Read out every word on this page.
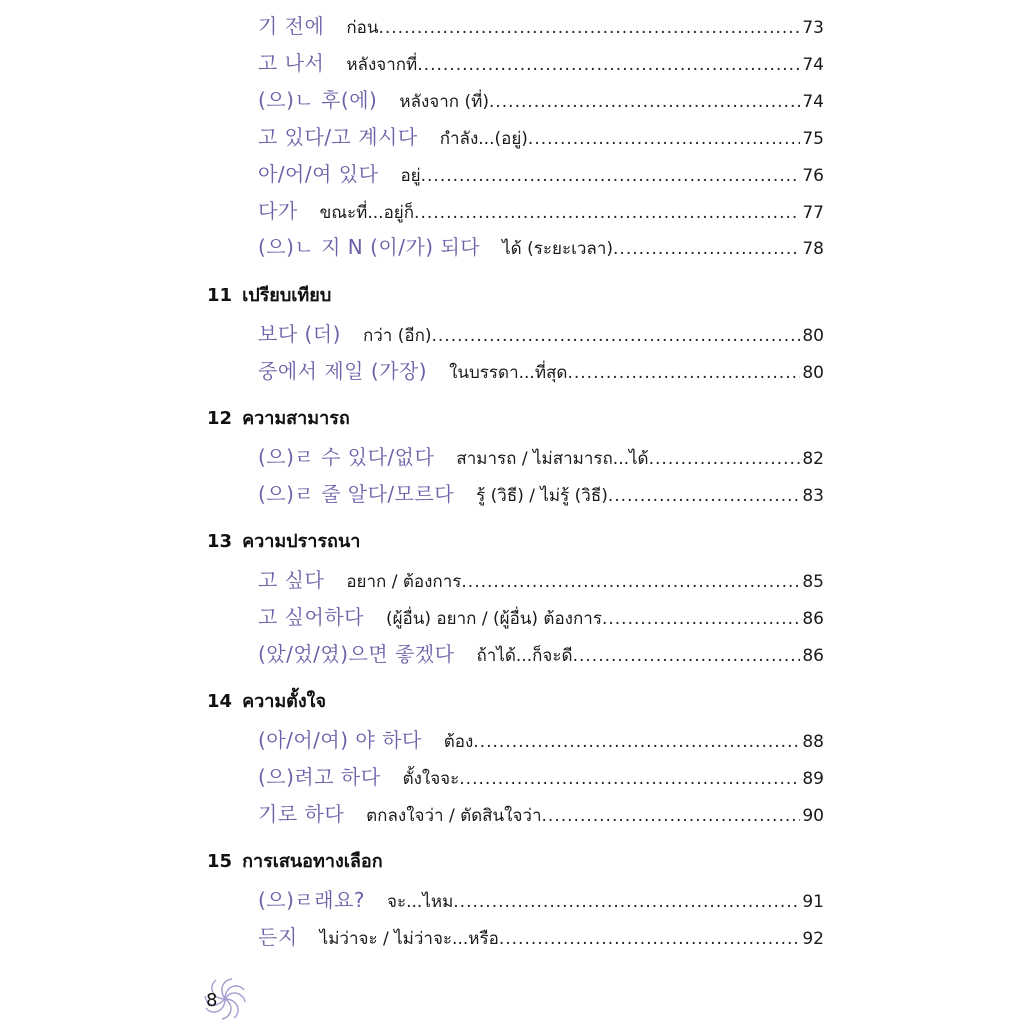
기 전에 ก่อน .....	73
고 나서 หลังจากที่ .....	74
(으)ㄴ 후(에) หลังจาก (ที่) .....	74
고 있다/고 계시다 กำลัง...(อยู่) .....	75
아/어/여 있다 อยู่ .....	76
다가 ขณะที่...อยู่ก็ .....	77
(으)ㄴ 지 N (이/가) 되다 ได้ (ระยะเวลา) .....	78
11 เปรียบเทียบ
보다 (더) กว่า (อีก) .....	80
중에서 제일 (가장) ในบรรดา...ที่สุด .....	80
12 ความสามารถ
(으)ㄹ 수 있다/없다 สามารถ / ไม่สามารถ...ได้ .....	82
(으)ㄹ 줄 알다/모르다 รู้ (วิธี) / ไม่รู้ (วิธี) .....	83
13 ความปรารถนา
고 싶다 อยาก / ต้องการ .....	85
고 싶어하다 (ผู้อื่น) อยาก / (ผู้อื่น) ต้องการ .....	86
(았/었/였)으면 좋겠다 ถ้าได้...ก็จะดี .....	86
14 ความตั้งใจ
(아/어/여) 야 하다 ต้อง .....	88
(으)려고 하다 ตั้งใจจะ .....	89
기로 하다 ตกลงใจว่า / ตัดสินใจว่า .....	90
15 การเสนอทางเลือก
(으)ㄹ래요? จะ...ไหม .....	91
든지 ไม่ว่าจะ / ไม่ว่าจะ...หรือ .....	92
8
